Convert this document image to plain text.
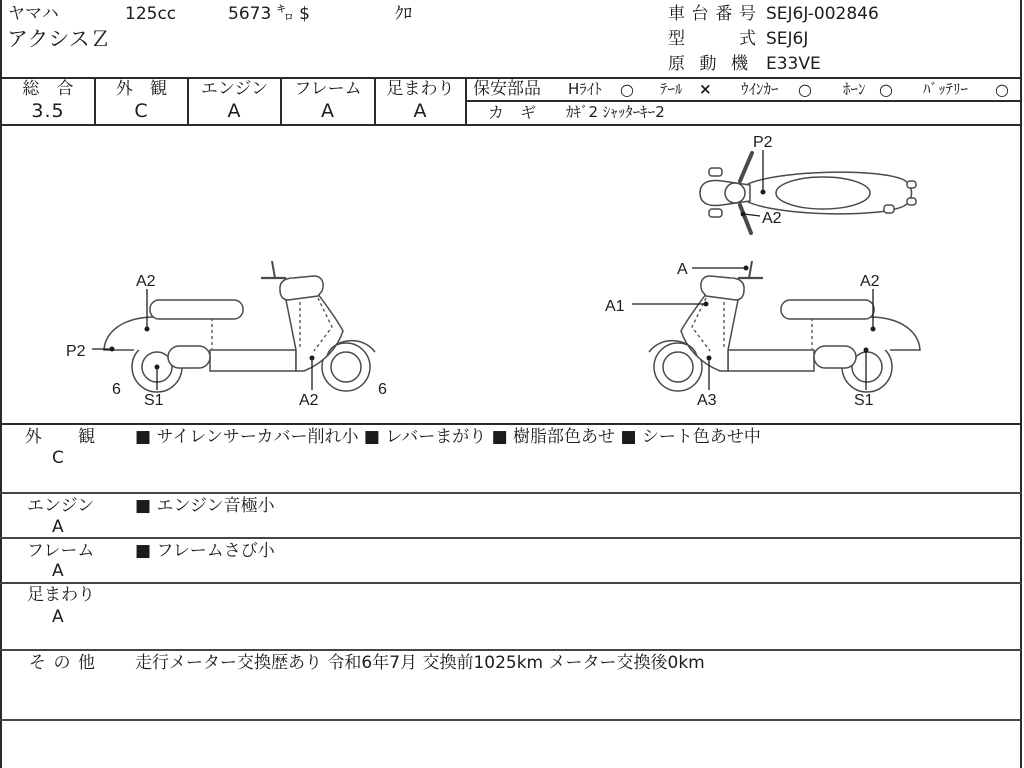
ヤマハ	125cc	5673 ㌔ $	ｸﾛ
アクシスＺ
車台番号 SEJ6J-002846
型　　式 SEJ6J
原 動 機 E33VE
総　合
3.5
外　観
C
エンジン
A
フレーム
A
足まわり
A
保安部品 Hﾗｲﾄ ○ ﾃｰﾙ × ｳｲﾝｶｰ ○ ﾎｰﾝ ○ ﾊﾞｯﾃﾘｰ ○
カ　ギ ｶｷﾞ2 ｼｬｯﾀｰｷｰ2
P2
A2
A2
P2
6
S1	A2
6
A
A1
A2
A3	S1
外　　観
C
■ サイレンサーカバー削れ小 ■ レバーまがり ■ 樹脂部色あせ ■ シート色あせ中
エンジン
A
■ エンジン音極小
フレーム
A
■ フレームさび小
足まわり
A
そ の 他 走行メーター交換歴あり 令和6年7月 交換前1025km メーター交換後0km
